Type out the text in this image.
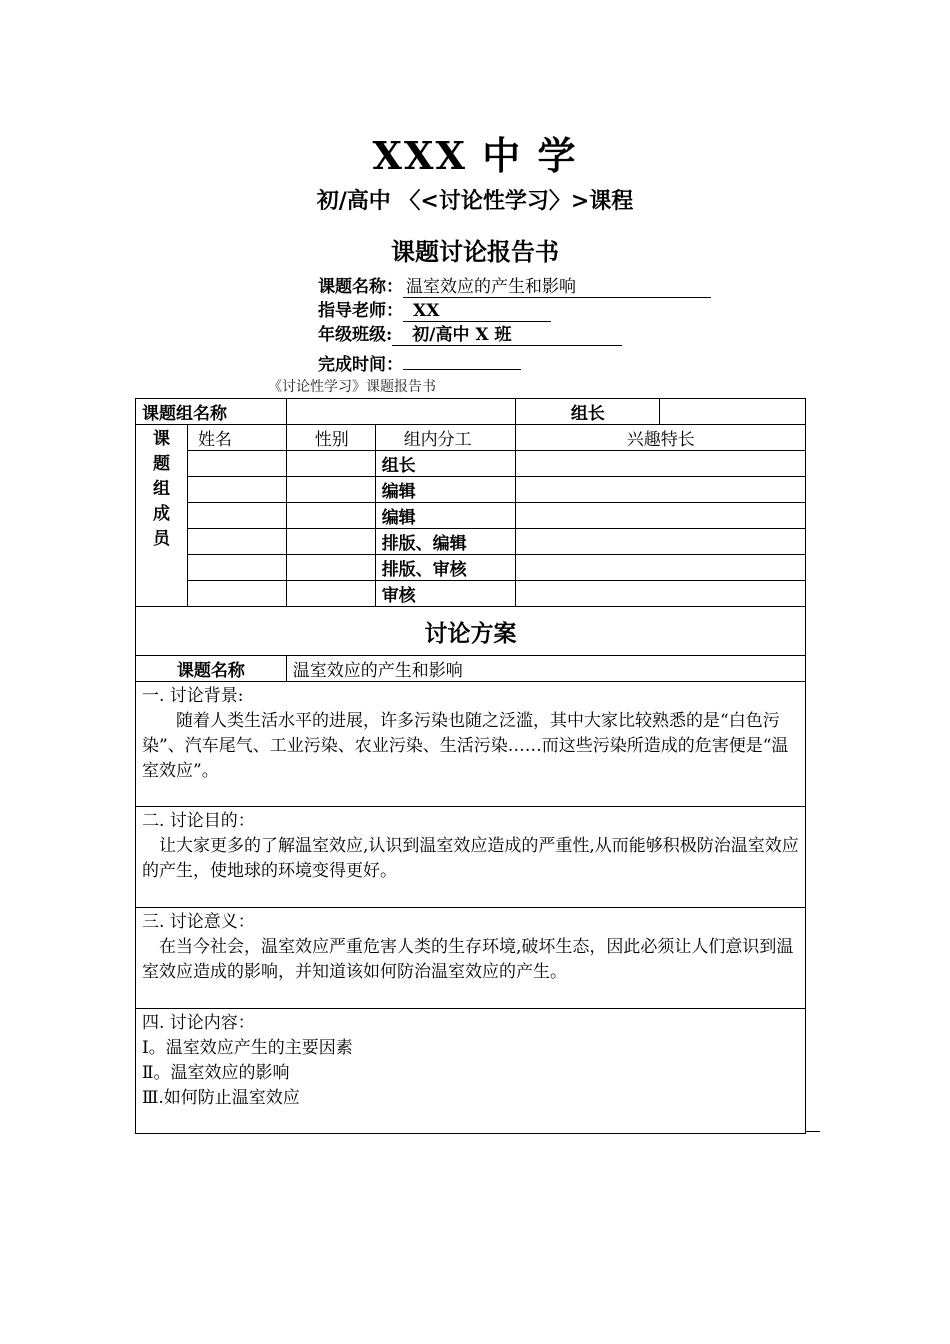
XXX 中 学
初/高中 〈<讨论性学习〉>课程
课题讨论报告书
课题名称： 温室效应的产生和影响
指导老师： XX
年级班级: 初/高中 X 班
完成时间：
《讨论性学习》课题报告书
课题组名称				组长	

课
题
组
成
员	姓名	性别	组内分工	兴趣特长	
			组长		
			编辑		
			编辑		
			排版、编辑		
			排版、审核		
			审核		
讨论方案					
课题名称		温室效应的产生和影响			

一. 讨论背景:
随着人类生活水平的进展，许多污染也随之泛滥，其中大家比较熟悉的是“白色污染”、汽车尾气、工业污染、农业污染、生活污染……而这些污染所造成的危害便是“温室效应”。					

二. 讨论目的：
让大家更多的了解温室效应,认识到温室效应造成的严重性,从而能够积极防治温室效应的产生，使地球的环境变得更好。					

三. 讨论意义：
在当今社会，温室效应严重危害人类的生存环境,破坏生态，因此必须让人们意识到温室效应造成的影响，并知道该如何防治温室效应的产生。					

四. 讨论内容：
Ⅰ。温室效应产生的主要因素
Ⅱ。温室效应的影响
Ⅲ.如何防止温室效应					
